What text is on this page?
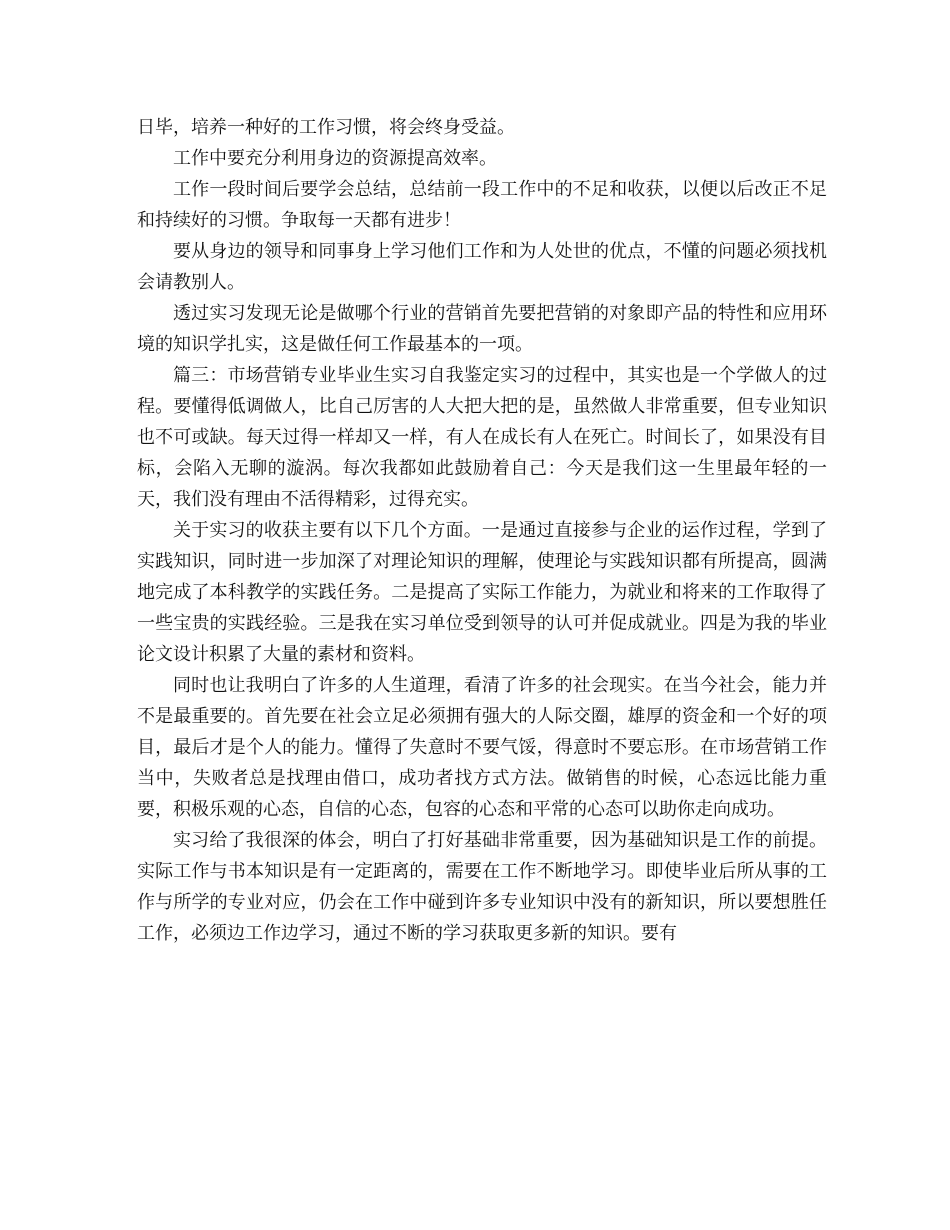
日毕，培养一种好的工作习惯，将会终身受益。

工作中要充分利用身边的资源提高效率。

工作一段时间后要学会总结，总结前一段工作中的不足和收获，以便以后改正不足和持续好的习惯。争取每一天都有进步！

要从身边的领导和同事身上学习他们工作和为人处世的优点，不懂的问题必须找机会请教别人。

透过实习发现无论是做哪个行业的营销首先要把营销的对象即产品的特性和应用环境的知识学扎实，这是做任何工作最基本的一项。

篇三：市场营销专业毕业生实习自我鉴定实习的过程中，其实也是一个学做人的过程。要懂得低调做人，比自己厉害的人大把大把的是，虽然做人非常重要，但专业知识也不可或缺。每天过得一样却又一样，有人在成长有人在死亡。时间长了，如果没有目标，会陷入无聊的漩涡。每次我都如此鼓励着自己：今天是我们这一生里最年轻的一天，我们没有理由不活得精彩，过得充实。

关于实习的收获主要有以下几个方面。一是通过直接参与企业的运作过程，学到了实践知识，同时进一步加深了对理论知识的理解，使理论与实践知识都有所提高，圆满地完成了本科教学的实践任务。二是提高了实际工作能力，为就业和将来的工作取得了一些宝贵的实践经验。三是我在实习单位受到领导的认可并促成就业。四是为我的毕业论文设计积累了大量的素材和资料。

同时也让我明白了许多的人生道理，看清了许多的社会现实。在当今社会，能力并不是最重要的。首先要在社会立足必须拥有强大的人际交圈，雄厚的资金和一个好的项目，最后才是个人的能力。懂得了失意时不要气馁，得意时不要忘形。在市场营销工作当中，失败者总是找理由借口，成功者找方式方法。做销售的时候，心态远比能力重要，积极乐观的心态，自信的心态，包容的心态和平常的心态可以助你走向成功。

实习给了我很深的体会，明白了打好基础非常重要，因为基础知识是工作的前提。实际工作与书本知识是有一定距离的，需要在工作不断地学习。即使毕业后所从事的工作与所学的专业对应，仍会在工作中碰到许多专业知识中没有的新知识，所以要想胜任工作，必须边工作边学习，通过不断的学习获取更多新的知识。要有
